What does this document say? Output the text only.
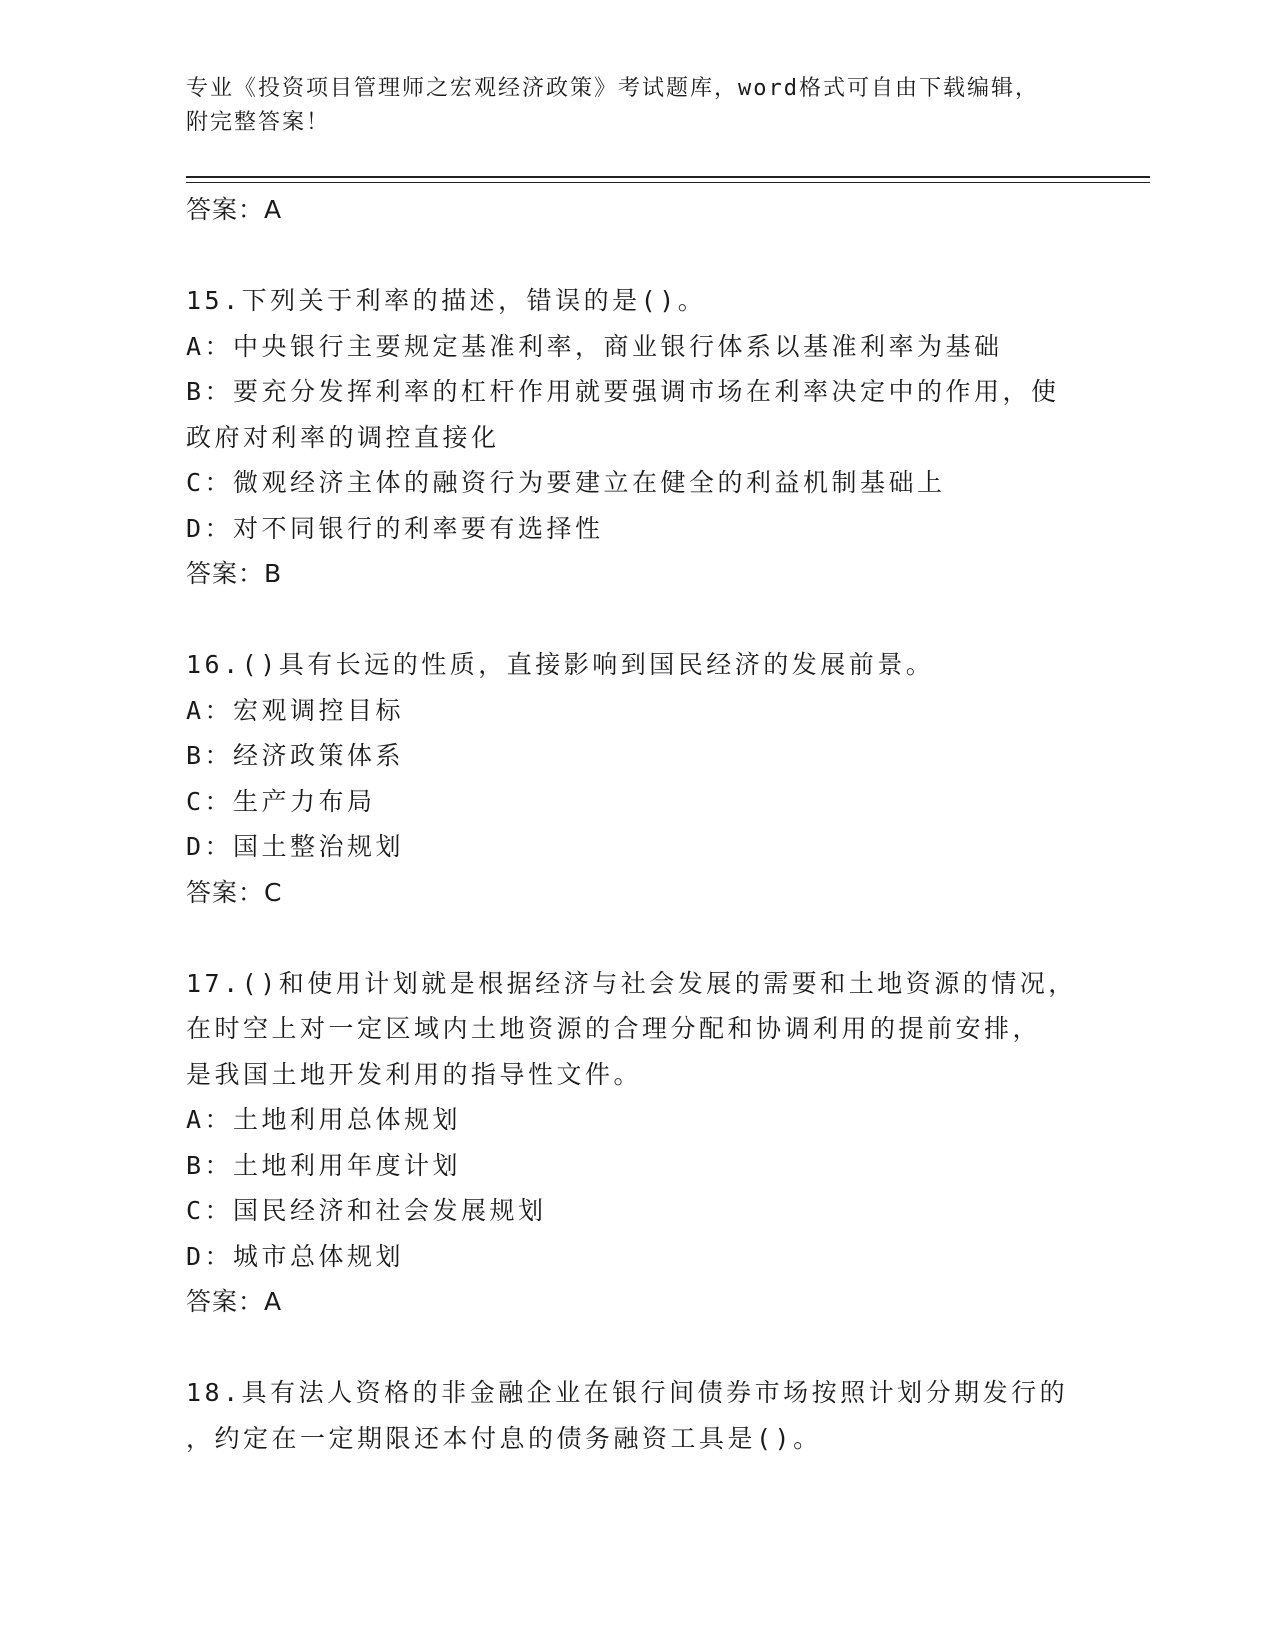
专业《投资项目管理师之宏观经济政策》考试题库，word格式可自由下载编辑，
附完整答案！
答案：A
15.下列关于利率的描述，错误的是()。
A：中央银行主要规定基准利率，商业银行体系以基准利率为基础
B：要充分发挥利率的杠杆作用就要强调市场在利率决定中的作用，使
政府对利率的调控直接化
C：微观经济主体的融资行为要建立在健全的利益机制基础上
D：对不同银行的利率要有选择性
答案：B
16.()具有长远的性质，直接影响到国民经济的发展前景。
A：宏观调控目标
B：经济政策体系
C：生产力布局
D：国土整治规划
答案：C
17.()和使用计划就是根据经济与社会发展的需要和土地资源的情况，
在时空上对一定区域内土地资源的合理分配和协调利用的提前安排，
是我国土地开发利用的指导性文件。
A：土地利用总体规划
B：土地利用年度计划
C：国民经济和社会发展规划
D：城市总体规划
答案：A
18.具有法人资格的非金融企业在银行间债券市场按照计划分期发行的
，约定在一定期限还本付息的债务融资工具是()。
